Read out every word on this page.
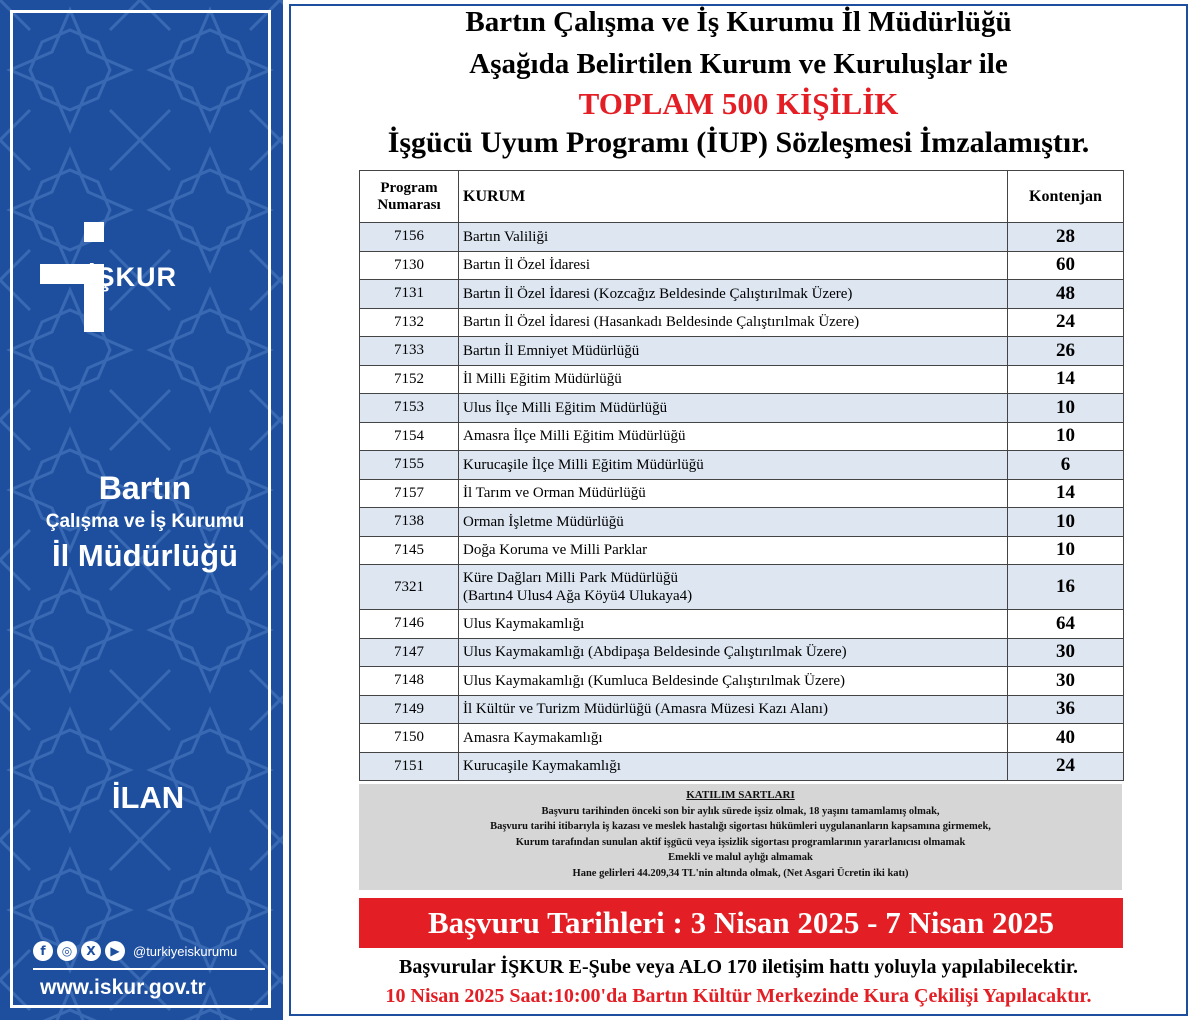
İŞKUR
Bartın
Çalışma ve İş Kurumu
İl Müdürlüğü
İLAN
f	◎	X	▶	@turkiyeiskurumu
www.iskur.gov.tr
Bartın Çalışma ve İş Kurumu İl Müdürlüğü
Aşağıda Belirtilen Kurum ve Kuruluşlar ile
TOPLAM 500 KİŞİLİK
İşgücü Uyum Programı (İUP) Sözleşmesi İmzalamıştır.
Program
Numarası	KURUM	Kontenjan
7156	Bartın Valiliği	28
7130	Bartın İl Özel İdaresi	60
7131	Bartın İl Özel İdaresi (Kozcağız Beldesinde Çalıştırılmak Üzere)	48
7132	Bartın İl Özel İdaresi (Hasankadı Beldesinde Çalıştırılmak Üzere)	24
7133	Bartın İl Emniyet Müdürlüğü	26
7152	İl Milli Eğitim Müdürlüğü	14
7153	Ulus İlçe Milli Eğitim Müdürlüğü	10
7154	Amasra İlçe Milli Eğitim Müdürlüğü	10
7155	Kurucaşile İlçe Milli Eğitim Müdürlüğü	6
7157	İl Tarım ve Orman Müdürlüğü	14
7138	Orman İşletme Müdürlüğü	10
7145	Doğa Koruma ve Milli Parklar	10
7321	Küre Dağları Milli Park Müdürlüğü
(Bartın4 Ulus4 Ağa Köyü4 Ulukaya4)	16
7146	Ulus Kaymakamlığı	64
7147	Ulus Kaymakamlığı (Abdipaşa Beldesinde Çalıştırılmak Üzere)	30
7148	Ulus Kaymakamlığı (Kumluca Beldesinde Çalıştırılmak Üzere)	30
7149	İl Kültür ve Turizm Müdürlüğü (Amasra Müzesi Kazı Alanı)	36
7150	Amasra Kaymakamlığı	40
7151	Kurucaşile Kaymakamlığı	24
KATILIM SARTLARI
Başvuru tarihinden önceki son bir aylık sürede işsiz olmak, 18 yaşını tamamlamış olmak,
Başvuru tarihi itibarıyla iş kazası ve meslek hastalığı sigortası hükümleri uygulananların kapsamına girmemek,
Kurum tarafından sunulan aktif işgücü veya işsizlik sigortası programlarının yararlanıcısı olmamak
Emekli ve malul aylığı almamak
Hane gelirleri 44.209,34 TL'nin altında olmak, (Net Asgari Ücretin iki katı)
Başvuru Tarihleri : 3 Nisan 2025 - 7 Nisan 2025
Başvurular İŞKUR E-Şube veya ALO 170 iletişim hattı yoluyla yapılabilecektir.
10 Nisan 2025 Saat:10:00'da Bartın Kültür Merkezinde Kura Çekilişi Yapılacaktır.
